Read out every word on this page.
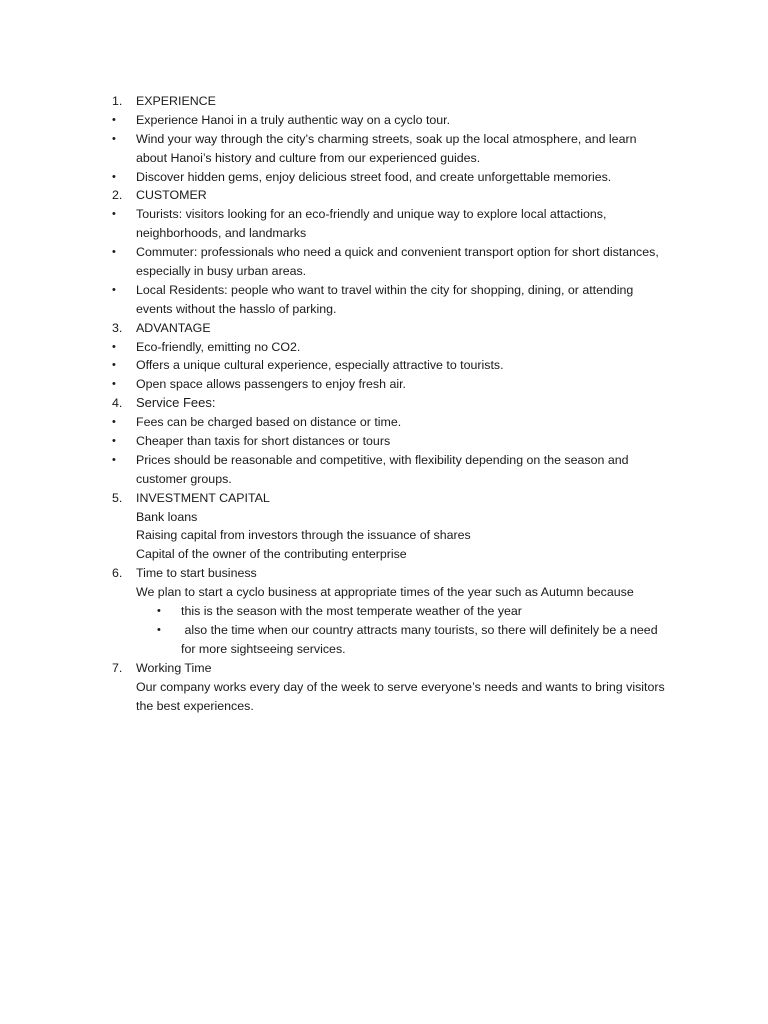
1. EXPERIENCE
• Experience Hanoi in a truly authentic way on a cyclo tour.
• Wind your way through the city’s charming streets, soak up the local atmosphere, and learn
about Hanoi’s history and culture from our experienced guides.
• Discover hidden gems, enjoy delicious street food, and create unforgettable memories.
2. CUSTOMER
• Tourists: visitors looking for an eco-friendly and unique way to explore local attactions,
neighborhoods, and landmarks
• Commuter: professionals who need a quick and convenient transport option for short distances,
especially in busy urban areas.
• Local Residents: people who want to travel within the city for shopping, dining, or attending
events without the hasslo of parking.
3. ADVANTAGE
• Eco-friendly, emitting no CO2.
• Offers a unique cultural experience, especially attractive to tourists.
• Open space allows passengers to enjoy fresh air.
4. Service Fees:
• Fees can be charged based on distance or time.
• Cheaper than taxis for short distances or tours
• Prices should be reasonable and competitive, with flexibility depending on the season and
customer groups.
5. INVESTMENT CAPITAL
Bank loans
Raising capital from investors through the issuance of shares
Capital of the owner of the contributing enterprise
6. Time to start business
We plan to start a cyclo business at appropriate times of the year such as Autumn because
• this is the season with the most temperate weather of the year
• also the time when our country attracts many tourists, so there will definitely be a need
for more sightseeing services.
7. Working Time
Our company works every day of the week to serve everyone’s needs and wants to bring visitors
the best experiences.
